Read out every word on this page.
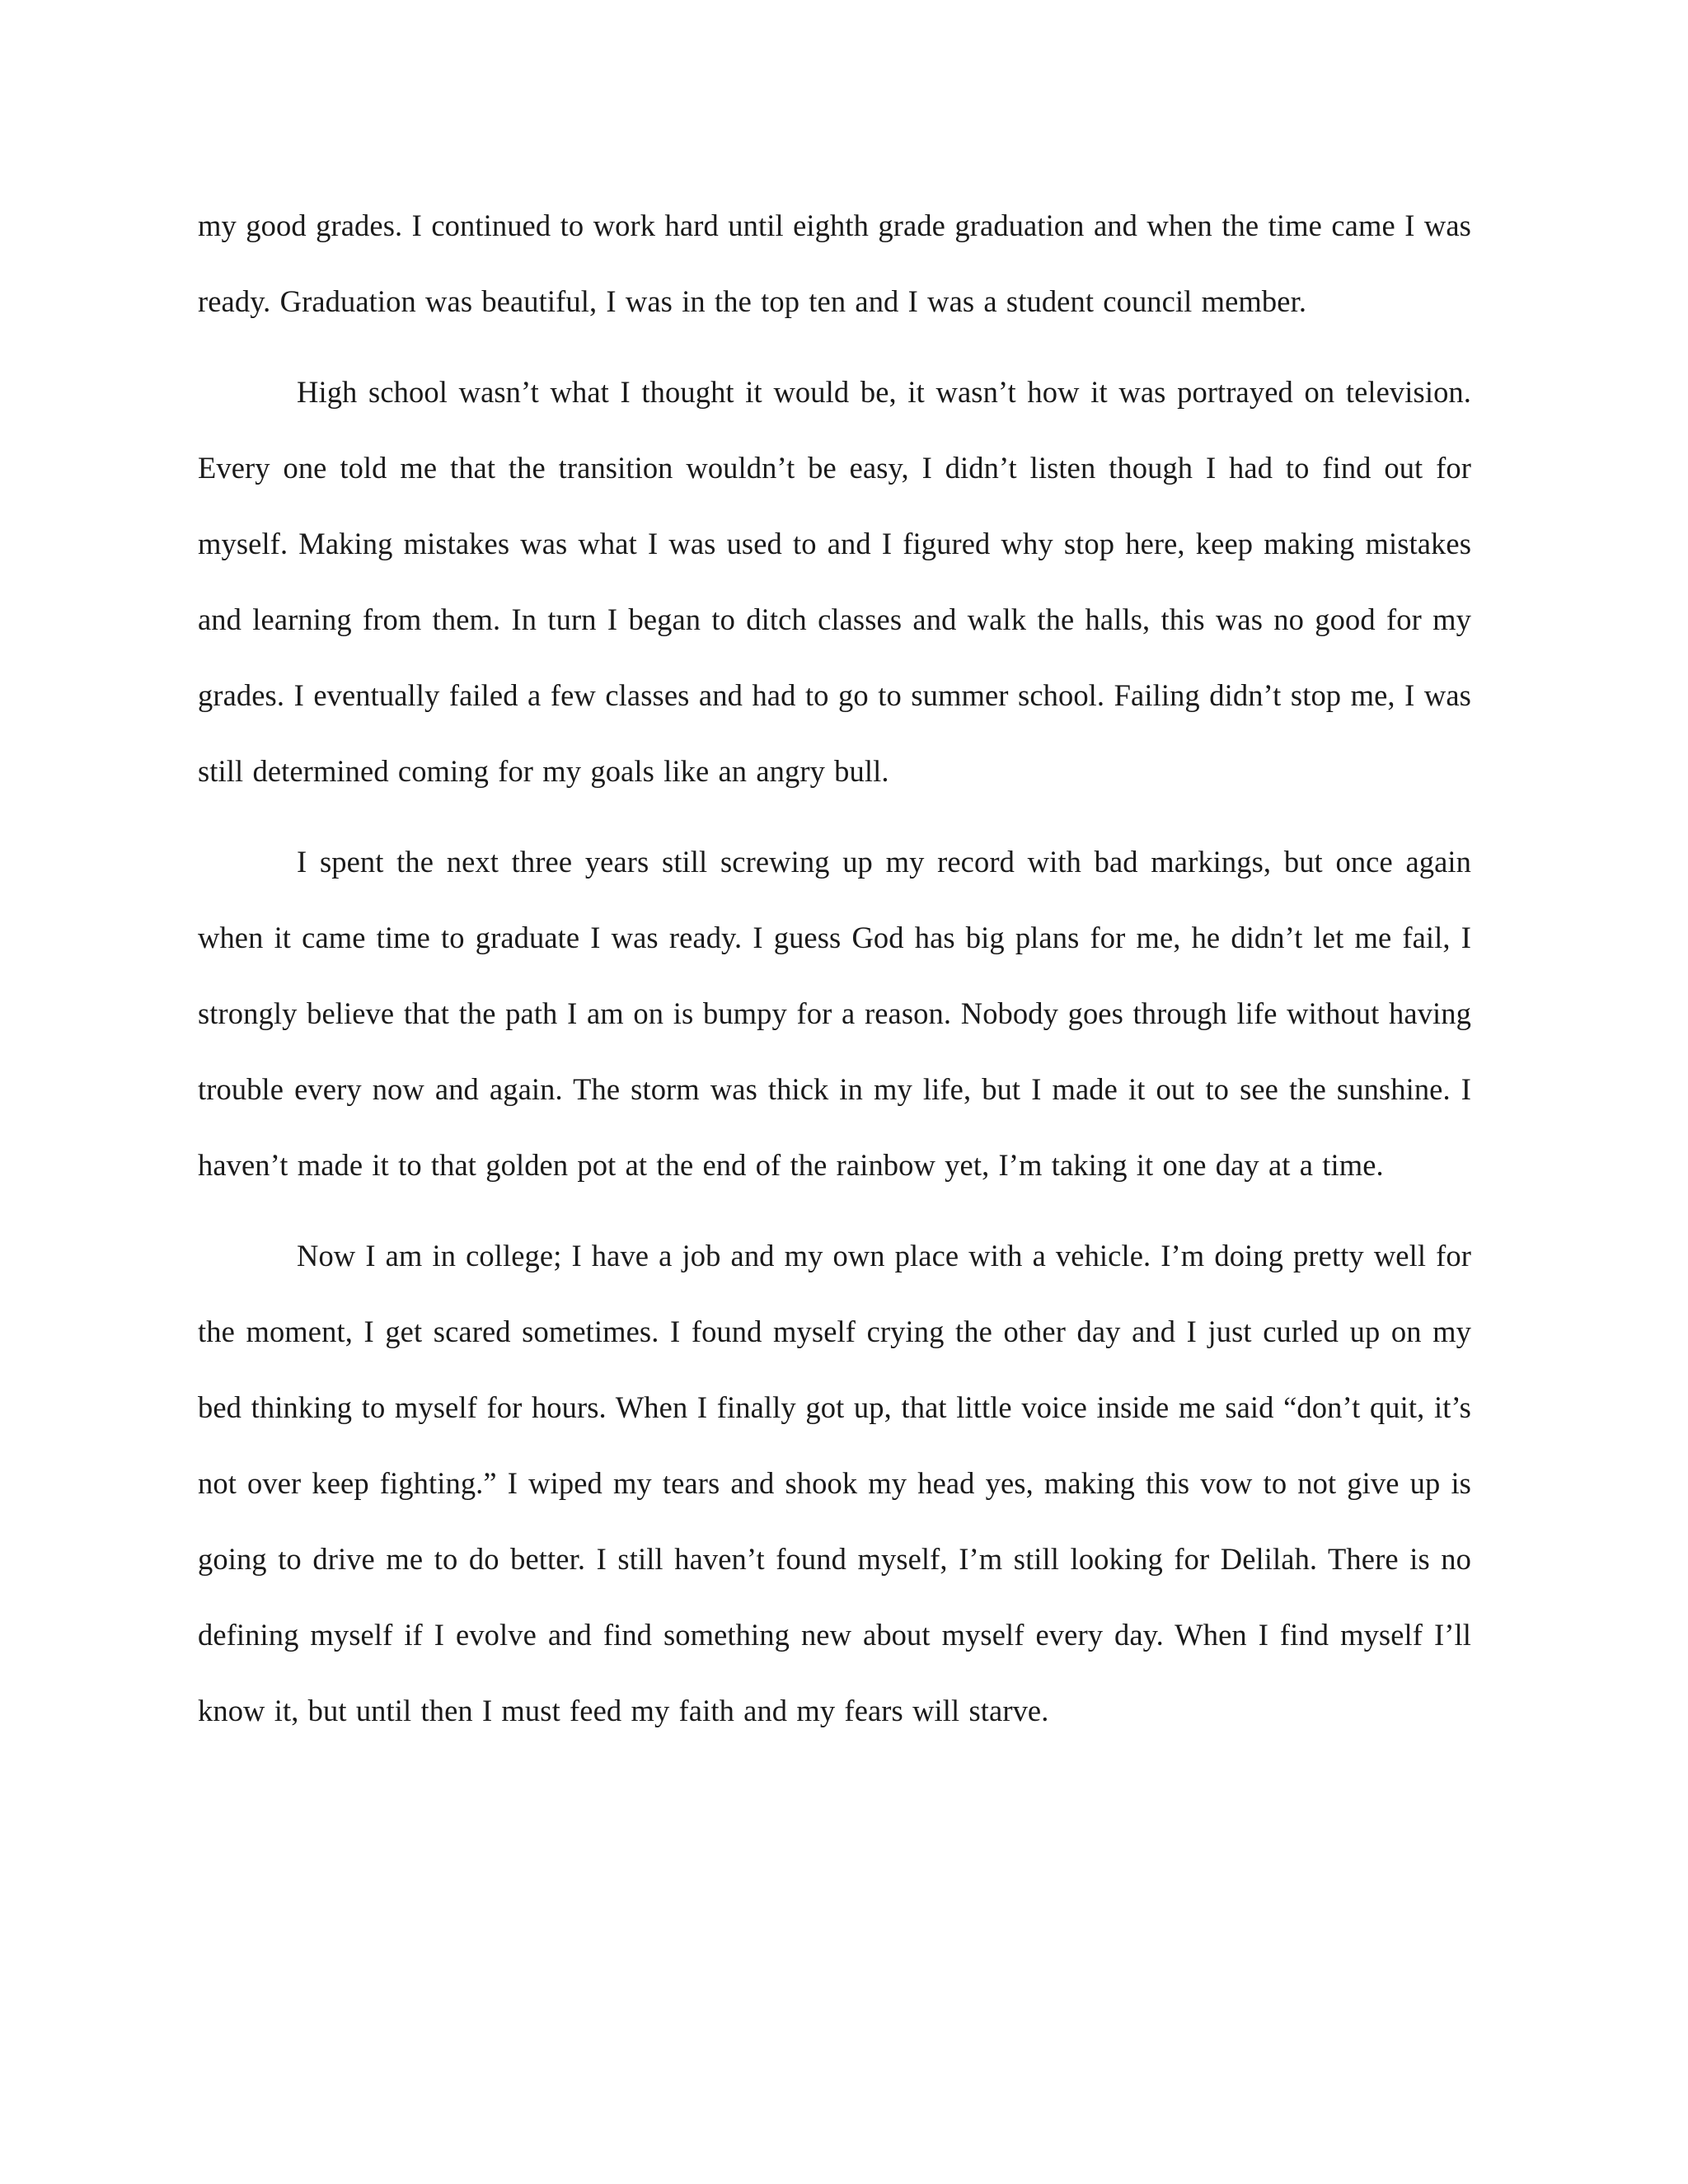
my good grades. I continued to work hard until eighth grade graduation and when the time came I was ready. Graduation was beautiful, I was in the top ten and I was a student council member.

High school wasn’t what I thought it would be, it wasn’t how it was portrayed on television. Every one told me that the transition wouldn’t be easy, I didn’t listen though I had to find out for myself. Making mistakes was what I was used to and I figured why stop here, keep making mistakes and learning from them. In turn I began to ditch classes and walk the halls, this was no good for my grades. I eventually failed a few classes and had to go to summer school. Failing didn’t stop me, I was still determined coming for my goals like an angry bull.

I spent the next three years still screwing up my record with bad markings, but once again when it came time to graduate I was ready. I guess God has big plans for me, he didn’t let me fail, I strongly believe that the path I am on is bumpy for a reason. Nobody goes through life without having trouble every now and again. The storm was thick in my life, but I made it out to see the sunshine. I haven’t made it to that golden pot at the end of the rainbow yet, I’m taking it one day at a time.

Now I am in college; I have a job and my own place with a vehicle. I’m doing pretty well for the moment, I get scared sometimes. I found myself crying the other day and I just curled up on my bed thinking to myself for hours. When I finally got up, that little voice inside me said “don’t quit, it’s not over keep fighting.” I wiped my tears and shook my head yes, making this vow to not give up is going to drive me to do better. I still haven’t found myself, I’m still looking for Delilah. There is no defining myself if I evolve and find something new about myself every day. When I find myself I’ll know it, but until then I must feed my faith and my fears will starve.
